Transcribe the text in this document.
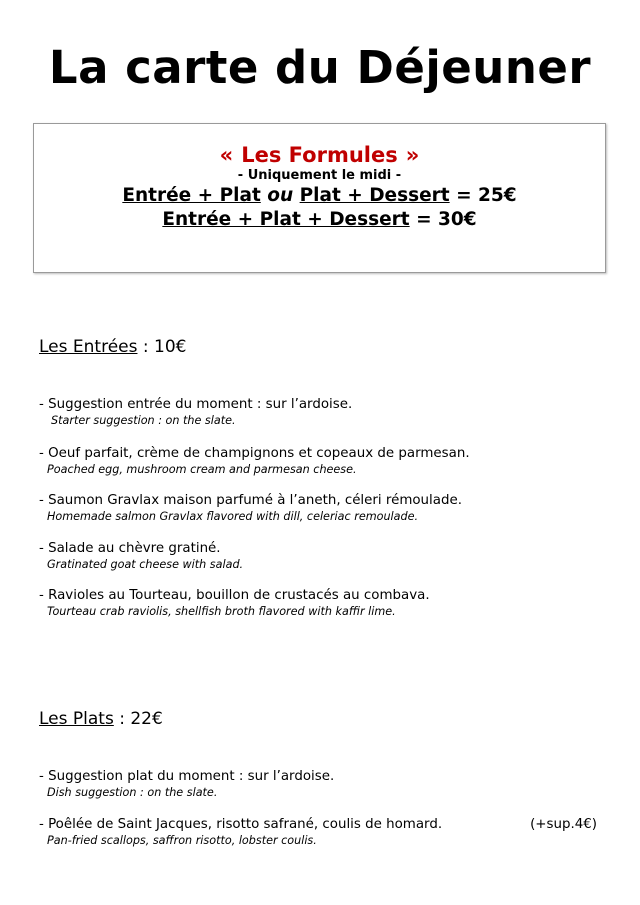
La carte du Déjeuner
« Les Formules »
- Uniquement le midi -
Entrée + Plat ou Plat + Dessert = 25€
Entrée + Plat + Dessert = 30€
Les Entrées : 10€
- Suggestion entrée du moment : sur l’ardoise.
Starter suggestion : on the slate.
- Oeuf parfait, crème de champignons et copeaux de parmesan.
Poached egg, mushroom cream and parmesan cheese.
- Saumon Gravlax maison parfumé à l’aneth, céleri rémoulade.
Homemade salmon Gravlax flavored with dill, celeriac remoulade.
- Salade au chèvre gratiné.
Gratinated goat cheese with salad.
- Ravioles au Tourteau, bouillon de crustacés au combava.
Tourteau crab raviolis, shellfish broth flavored with kaffir lime.
Les Plats : 22€
- Suggestion plat du moment : sur l’ardoise.
Dish suggestion : on the slate.
- Poêlée de Saint Jacques, risotto safrané, coulis de homard.
Pan-fried scallops, saffron risotto, lobster coulis.
(+sup.4€)
